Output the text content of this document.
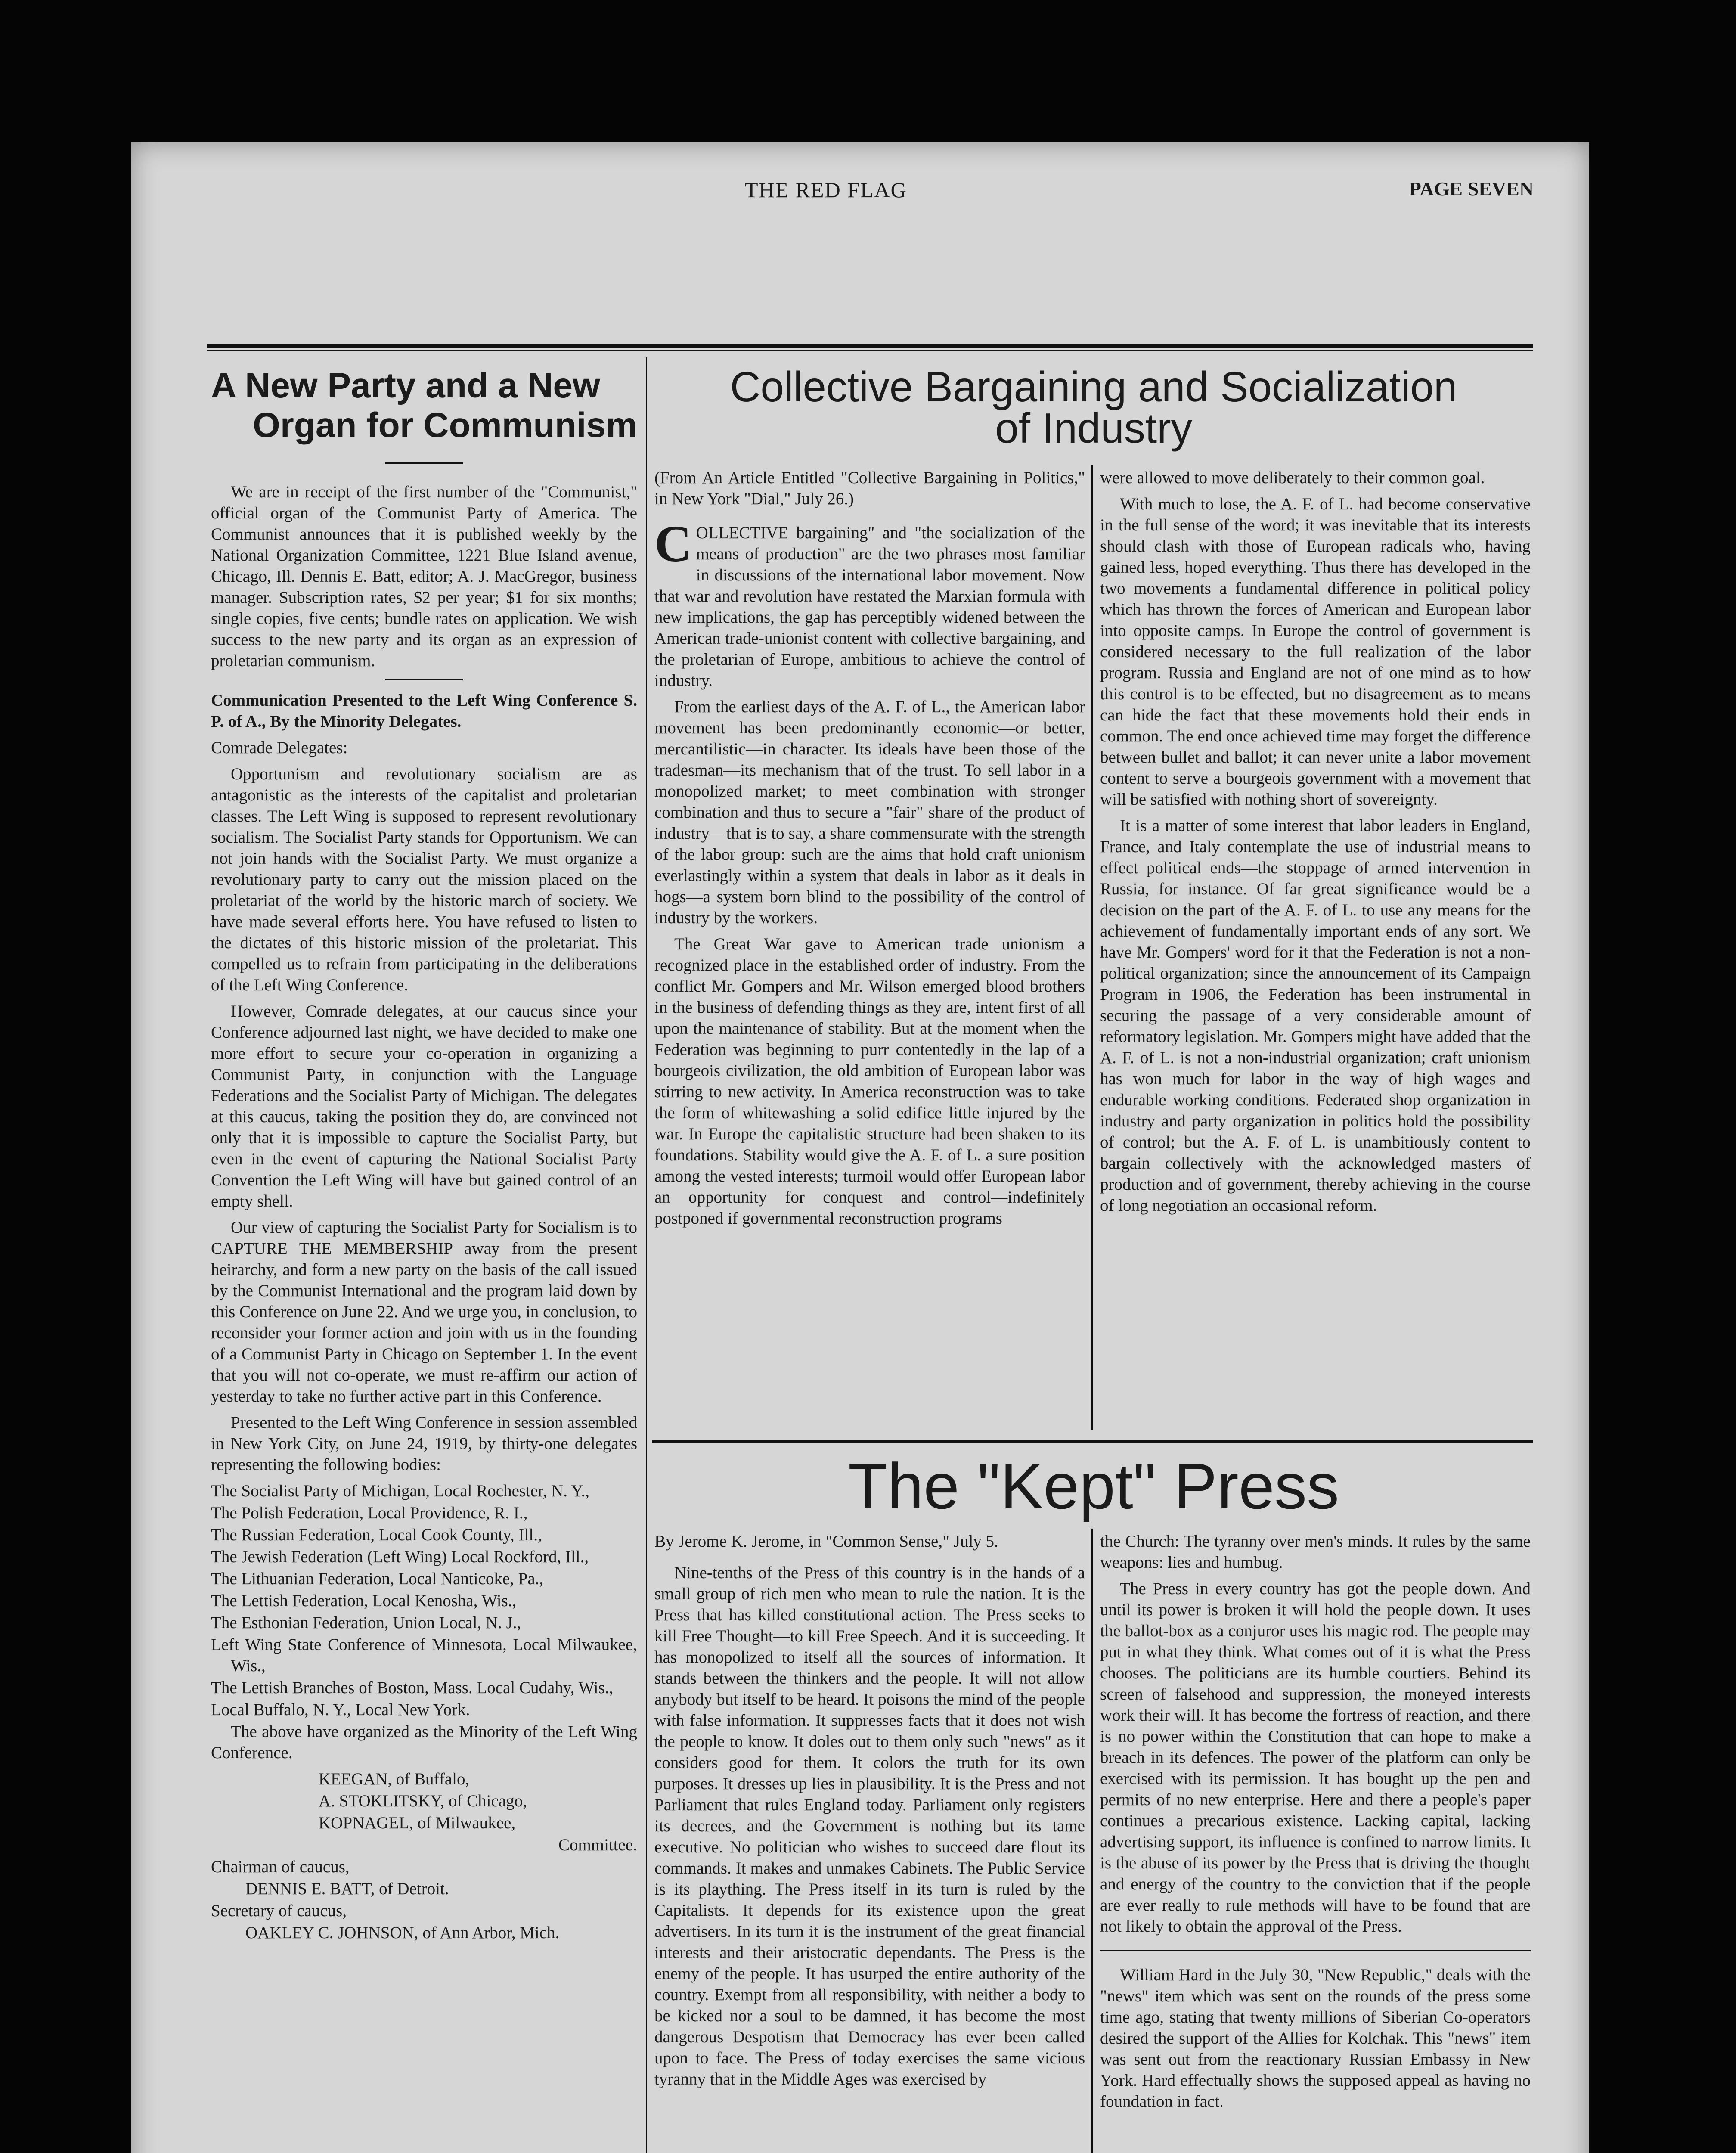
THE RED FLAG	PAGE SEVEN
A New Party and a New
Organ for Communism

We are in receipt of the first number of the "Communist," official organ of the Communist Party of America. The Communist announces that it is published weekly by the National Organization Committee, 1221 Blue Island avenue, Chicago, Ill. Dennis E. Batt, editor; A. J. MacGregor, business manager. Subscription rates, $2 per year; $1 for six months; single copies, five cents; bundle rates on application. We wish success to the new party and its organ as an expression of proletarian communism.

Communication Presented to the Left Wing Conference S. P. of A., By the Minority Delegates.

Comrade Delegates:

Opportunism and revolutionary socialism are as antagonistic as the interests of the capitalist and proletarian classes. The Left Wing is supposed to represent revolutionary socialism. The Socialist Party stands for Opportunism. We can not join hands with the Socialist Party. We must organize a revolutionary party to carry out the mission placed on the proletariat of the world by the historic march of society. We have made several efforts here. You have refused to listen to the dictates of this historic mission of the proletariat. This compelled us to refrain from participating in the deliberations of the Left Wing Conference.

However, Comrade delegates, at our caucus since your Conference adjourned last night, we have decided to make one more effort to secure your co-operation in organizing a Communist Party, in conjunction with the Language Federations and the Socialist Party of Michigan. The delegates at this caucus, taking the position they do, are convinced not only that it is impossible to capture the Socialist Party, but even in the event of capturing the National Socialist Party Convention the Left Wing will have but gained control of an empty shell.

Our view of capturing the Socialist Party for Socialism is to CAPTURE THE MEMBERSHIP away from the present heirarchy, and form a new party on the basis of the call issued by the Communist International and the program laid down by this Conference on June 22. And we urge you, in conclusion, to reconsider your former action and join with us in the founding of a Communist Party in Chicago on September 1. In the event that you will not co-operate, we must re-affirm our action of yesterday to take no further active part in this Conference.

Presented to the Left Wing Conference in session assembled in New York City, on June 24, 1919, by thirty-one delegates representing the following bodies:

The Socialist Party of Michigan, Local Rochester, N. Y.,

The Polish Federation, Local Providence, R. I.,

The Russian Federation, Local Cook County, Ill.,

The Jewish Federation (Left Wing) Local Rockford, Ill.,

The Lithuanian Federation, Local Nanticoke, Pa.,

The Lettish Federation, Local Kenosha, Wis.,

The Esthonian Federation, Union Local, N. J.,

Left Wing State Conference of Minnesota, Local Milwaukee, Wis.,

The Lettish Branches of Boston, Mass. Local Cudahy, Wis.,

Local Buffalo, N. Y., Local New York.

The above have organized as the Minority of the Left Wing Conference.

KEEGAN, of Buffalo,

A. STOKLITSKY, of Chicago,

KOPNAGEL, of Milwaukee,

Committee.

Chairman of caucus,

DENNIS E. BATT, of Detroit.

Secretary of caucus,

OAKLEY C. JOHNSON, of Ann Arbor, Mich.

Collective Bargaining and Socialization
of Industry

(From An Article Entitled "Collective Bargaining in Politics," in New York "Dial," July 26.)

COLLECTIVE bargaining" and "the socialization of the means of production" are the two phrases most familiar in discussions of the international labor movement. Now that war and revolution have restated the Marxian formula with new implications, the gap has perceptibly widened between the American trade-unionist content with collective bargaining, and the proletarian of Europe, ambitious to achieve the control of industry.

From the earliest days of the A. F. of L., the American labor movement has been predominantly economic—or better, mercantilistic—in character. Its ideals have been those of the tradesman—its mechanism that of the trust. To sell labor in a monopolized market; to meet combination with stronger combination and thus to secure a "fair" share of the product of industry—that is to say, a share commensurate with the strength of the labor group: such are the aims that hold craft unionism everlastingly within a system that deals in labor as it deals in hogs—a system born blind to the possibility of the control of industry by the workers.

The Great War gave to American trade unionism a recognized place in the established order of industry. From the conflict Mr. Gompers and Mr. Wilson emerged blood brothers in the business of defending things as they are, intent first of all upon the maintenance of stability. But at the moment when the Federation was beginning to purr contentedly in the lap of a bourgeois civilization, the old ambition of European labor was stirring to new activity. In America reconstruction was to take the form of whitewashing a solid edifice little injured by the war. In Europe the capitalistic structure had been shaken to its foundations. Stability would give the A. F. of L. a sure position among the vested interests; turmoil would offer European labor an opportunity for conquest and control—indefinitely postponed if governmental reconstruction programs

were allowed to move deliberately to their common goal.

With much to lose, the A. F. of L. had become conservative in the full sense of the word; it was inevitable that its interests should clash with those of European radicals who, having gained less, hoped everything. Thus there has developed in the two movements a fundamental difference in political policy which has thrown the forces of American and European labor into opposite camps. In Europe the control of government is considered necessary to the full realization of the labor program. Russia and England are not of one mind as to how this control is to be effected, but no disagreement as to means can hide the fact that these movements hold their ends in common. The end once achieved time may forget the difference between bullet and ballot; it can never unite a labor movement content to serve a bourgeois government with a movement that will be satisfied with nothing short of sovereignty.

It is a matter of some interest that labor leaders in England, France, and Italy contemplate the use of industrial means to effect political ends—the stoppage of armed intervention in Russia, for instance. Of far great significance would be a decision on the part of the A. F. of L. to use any means for the achievement of fundamentally important ends of any sort. We have Mr. Gompers' word for it that the Federation is not a non-political organization; since the announcement of its Campaign Program in 1906, the Federation has been instrumental in securing the passage of a very considerable amount of reformatory legislation. Mr. Gompers might have added that the A. F. of L. is not a non-industrial organization; craft unionism has won much for labor in the way of high wages and endurable working conditions. Federated shop organization in industry and party organization in politics hold the possibility of control; but the A. F. of L. is unambitiously content to bargain collectively with the acknowledged masters of production and of government, thereby achieving in the course of long negotiation an occasional reform.

The "Kept" Press

By Jerome K. Jerome, in "Common Sense," July 5.

Nine-tenths of the Press of this country is in the hands of a small group of rich men who mean to rule the nation. It is the Press that has killed constitutional action. The Press seeks to kill Free Thought—to kill Free Speech. And it is succeeding. It has monopolized to itself all the sources of information. It stands between the thinkers and the people. It will not allow anybody but itself to be heard. It poisons the mind of the people with false information. It suppresses facts that it does not wish the people to know. It doles out to them only such "news" as it considers good for them. It colors the truth for its own purposes. It dresses up lies in plausibility. It is the Press and not Parliament that rules England today. Parliament only registers its decrees, and the Government is nothing but its tame executive. No politician who wishes to succeed dare flout its commands. It makes and unmakes Cabinets. The Public Service is its plaything. The Press itself in its turn is ruled by the Capitalists. It depends for its existence upon the great advertisers. In its turn it is the instrument of the great financial interests and their aristocratic dependants. The Press is the enemy of the people. It has usurped the entire authority of the country. Exempt from all responsibility, with neither a body to be kicked nor a soul to be damned, it has become the most dangerous Despotism that Democracy has ever been called upon to face. The Press of today exercises the same vicious tyranny that in the Middle Ages was exercised by

the Church: The tyranny over men's minds. It rules by the same weapons: lies and humbug.

The Press in every country has got the people down. And until its power is broken it will hold the people down. It uses the ballot-box as a conjuror uses his magic rod. The people may put in what they think. What comes out of it is what the Press chooses. The politicians are its humble courtiers. Behind its screen of falsehood and suppression, the moneyed interests work their will. It has become the fortress of reaction, and there is no power within the Constitution that can hope to make a breach in its defences. The power of the platform can only be exercised with its permission. It has bought up the pen and permits of no new enterprise. Here and there a people's paper continues a precarious existence. Lacking capital, lacking advertising support, its influence is confined to narrow limits. It is the abuse of its power by the Press that is driving the thought and energy of the country to the conviction that if the people are ever really to rule methods will have to be found that are not likely to obtain the approval of the Press.

William Hard in the July 30, "New Republic," deals with the "news" item which was sent on the rounds of the press some time ago, stating that twenty millions of Siberian Co-operators desired the support of the Allies for Kolchak. This "news" item was sent out from the reactionary Russian Embassy in New York. Hard effectually shows the supposed appeal as having no foundation in fact.
